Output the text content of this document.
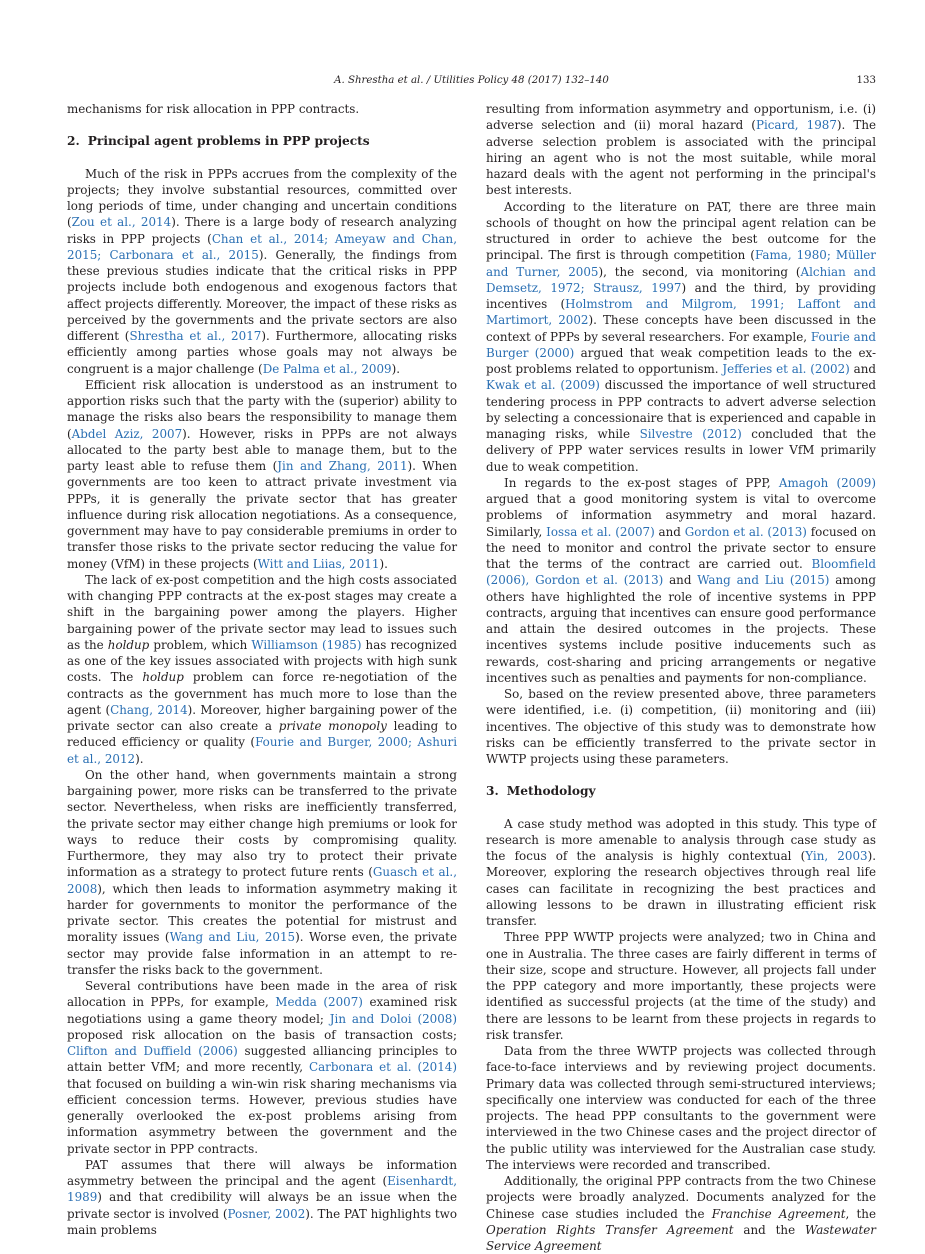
A. Shrestha et al. / Utilities Policy 48 (2017) 132–140	133

mechanisms for risk allocation in PPP contracts.

2. Principal agent problems in PPP projects

Much of the risk in PPPs accrues from the complexity of the projects; they involve substantial resources, committed over long periods of time, under changing and uncertain conditions (Zou et al., 2014). There is a large body of research analyzing risks in PPP projects (Chan et al., 2014; Ameyaw and Chan, 2015; Carbonara et al., 2015). Generally, the findings from these previous studies indicate that the critical risks in PPP projects include both endogenous and exogenous factors that affect projects differently. Moreover, the impact of these risks as perceived by the governments and the private sectors are also different (Shrestha et al., 2017). Furthermore, allocating risks efficiently among parties whose goals may not always be congruent is a major challenge (De Palma et al., 2009).

Efficient risk allocation is understood as an instrument to apportion risks such that the party with the (superior) ability to manage the risks also bears the responsibility to manage them (Abdel Aziz, 2007). However, risks in PPPs are not always allocated to the party best able to manage them, but to the party least able to refuse them (Jin and Zhang, 2011). When governments are too keen to attract private investment via PPPs, it is generally the private sector that has greater influence during risk allocation negotiations. As a consequence, government may have to pay considerable premiums in order to transfer those risks to the private sector reducing the value for money (VfM) in these projects (Witt and Liias, 2011).

The lack of ex-post competition and the high costs associated with changing PPP contracts at the ex-post stages may create a shift in the bargaining power among the players. Higher bargaining power of the private sector may lead to issues such as the holdup problem, which Williamson (1985) has recognized as one of the key issues associated with projects with high sunk costs. The holdup problem can force re-negotiation of the contracts as the government has much more to lose than the agent (Chang, 2014). Moreover, higher bargaining power of the private sector can also create a private monopoly leading to reduced efficiency or quality (Fourie and Burger, 2000; Ashuri et al., 2012).

On the other hand, when governments maintain a strong bargaining power, more risks can be transferred to the private sector. Nevertheless, when risks are inefficiently transferred, the private sector may either change high premiums or look for ways to reduce their costs by compromising quality. Furthermore, they may also try to protect their private information as a strategy to protect future rents (Guasch et al., 2008), which then leads to information asymmetry making it harder for governments to monitor the performance of the private sector. This creates the potential for mistrust and morality issues (Wang and Liu, 2015). Worse even, the private sector may provide false information in an attempt to re-transfer the risks back to the government.

Several contributions have been made in the area of risk allocation in PPPs, for example, Medda (2007) examined risk negotiations using a game theory model; Jin and Doloi (2008) proposed risk allocation on the basis of transaction costs; Clifton and Duffield (2006) suggested alliancing principles to attain better VfM; and more recently, Carbonara et al. (2014) that focused on building a win-win risk sharing mechanisms via efficient concession terms. However, previous studies have generally overlooked the ex-post problems arising from information asymmetry between the government and the private sector in PPP contracts.

PAT assumes that there will always be information asymmetry between the principal and the agent (Eisenhardt, 1989) and that credibility will always be an issue when the private sector is involved (Posner, 2002). The PAT highlights two main problems

resulting from information asymmetry and opportunism, i.e. (i) adverse selection and (ii) moral hazard (Picard, 1987). The adverse selection problem is associated with the principal hiring an agent who is not the most suitable, while moral hazard deals with the agent not performing in the principal's best interests.

According to the literature on PAT, there are three main schools of thought on how the principal agent relation can be structured in order to achieve the best outcome for the principal. The first is through competition (Fama, 1980; Müller and Turner, 2005), the second, via monitoring (Alchian and Demsetz, 1972; Strausz, 1997) and the third, by providing incentives (Holmstrom and Milgrom, 1991; Laffont and Martimort, 2002). These concepts have been discussed in the context of PPPs by several researchers. For example, Fourie and Burger (2000) argued that weak competition leads to the ex-post problems related to opportunism. Jefferies et al. (2002) and Kwak et al. (2009) discussed the importance of well structured tendering process in PPP contracts to advert adverse selection by selecting a concessionaire that is experienced and capable in managing risks, while Silvestre (2012) concluded that the delivery of PPP water services results in lower VfM primarily due to weak competition.

In regards to the ex-post stages of PPP, Amagoh (2009) argued that a good monitoring system is vital to overcome problems of information asymmetry and moral hazard. Similarly, Iossa et al. (2007) and Gordon et al. (2013) focused on the need to monitor and control the private sector to ensure that the terms of the contract are carried out. Bloomfield (2006), Gordon et al. (2013) and Wang and Liu (2015) among others have highlighted the role of incentive systems in PPP contracts, arguing that incentives can ensure good performance and attain the desired outcomes in the projects. These incentives systems include positive inducements such as rewards, cost-sharing and pricing arrangements or negative incentives such as penalties and payments for non-compliance.

So, based on the review presented above, three parameters were identified, i.e. (i) competition, (ii) monitoring and (iii) incentives. The objective of this study was to demonstrate how risks can be efficiently transferred to the private sector in WWTP projects using these parameters.

3. Methodology

A case study method was adopted in this study. This type of research is more amenable to analysis through case study as the focus of the analysis is highly contextual (Yin, 2003). Moreover, exploring the research objectives through real life cases can facilitate in recognizing the best practices and allowing lessons to be drawn in illustrating efficient risk transfer.

Three PPP WWTP projects were analyzed; two in China and one in Australia. The three cases are fairly different in terms of their size, scope and structure. However, all projects fall under the PPP category and more importantly, these projects were identified as successful projects (at the time of the study) and there are lessons to be learnt from these projects in regards to risk transfer.

Data from the three WWTP projects was collected through face-to-face interviews and by reviewing project documents. Primary data was collected through semi-structured interviews; specifically one interview was conducted for each of the three projects. The head PPP consultants to the government were interviewed in the two Chinese cases and the project director of the public utility was interviewed for the Australian case study. The interviews were recorded and transcribed.

Additionally, the original PPP contracts from the two Chinese projects were broadly analyzed. Documents analyzed for the Chinese case studies included the Franchise Agreement, the Operation Rights Transfer Agreement and the Wastewater Service Agreement
